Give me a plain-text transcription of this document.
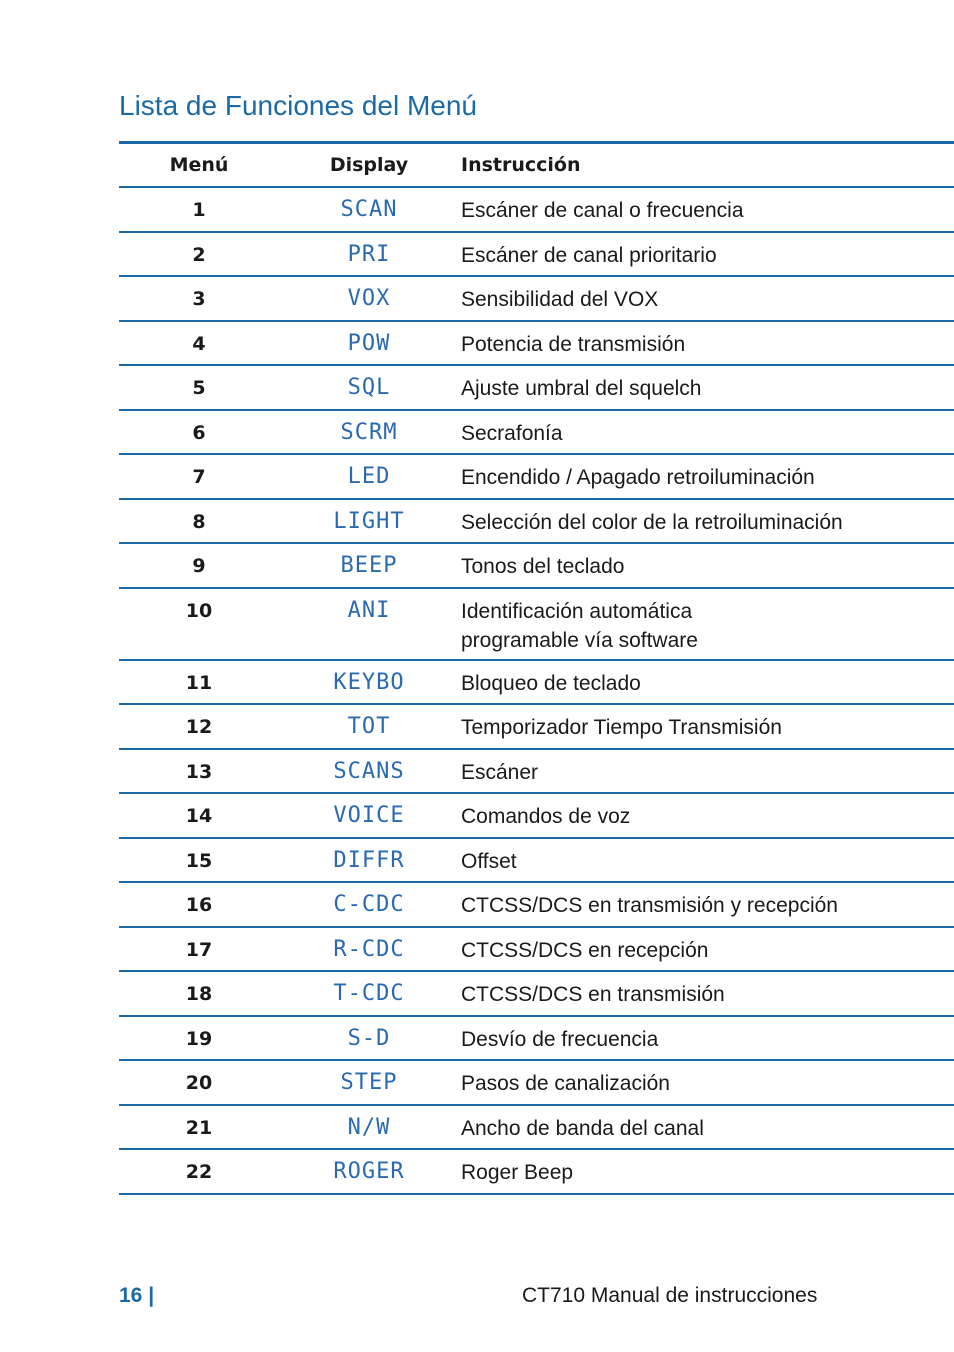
Lista de Funciones del Menú
Menú	Display	Instrucción
1	SCAN	Escáner de canal o frecuencia
2	PRI	Escáner de canal prioritario
3	VOX	Sensibilidad del VOX
4	POW	Potencia de transmisión
5	SQL	Ajuste umbral del squelch
6	SCRM	Secrafonía
7	LED	Encendido / Apagado retroiluminación
8	LIGHT	Selección del color de la retroiluminación
9	BEEP	Tonos del teclado
10	ANI	Identificación automática programable vía software
11	KEYBO	Bloqueo de teclado
12	TOT	Temporizador Tiempo Transmisión
13	SCANS	Escáner
14	VOICE	Comandos de voz
15	DIFFR	Offset
16	C-CDC	CTCSS/DCS en transmisión y recepción
17	R-CDC	CTCSS/DCS en recepción
18	T-CDC	CTCSS/DCS en transmisión
19	S-D	Desvío de frecuencia
20	STEP	Pasos de canalización
21	N/W	Ancho de banda del canal
22	ROGER	Roger Beep
16 |	CT710 Manual de instrucciones
